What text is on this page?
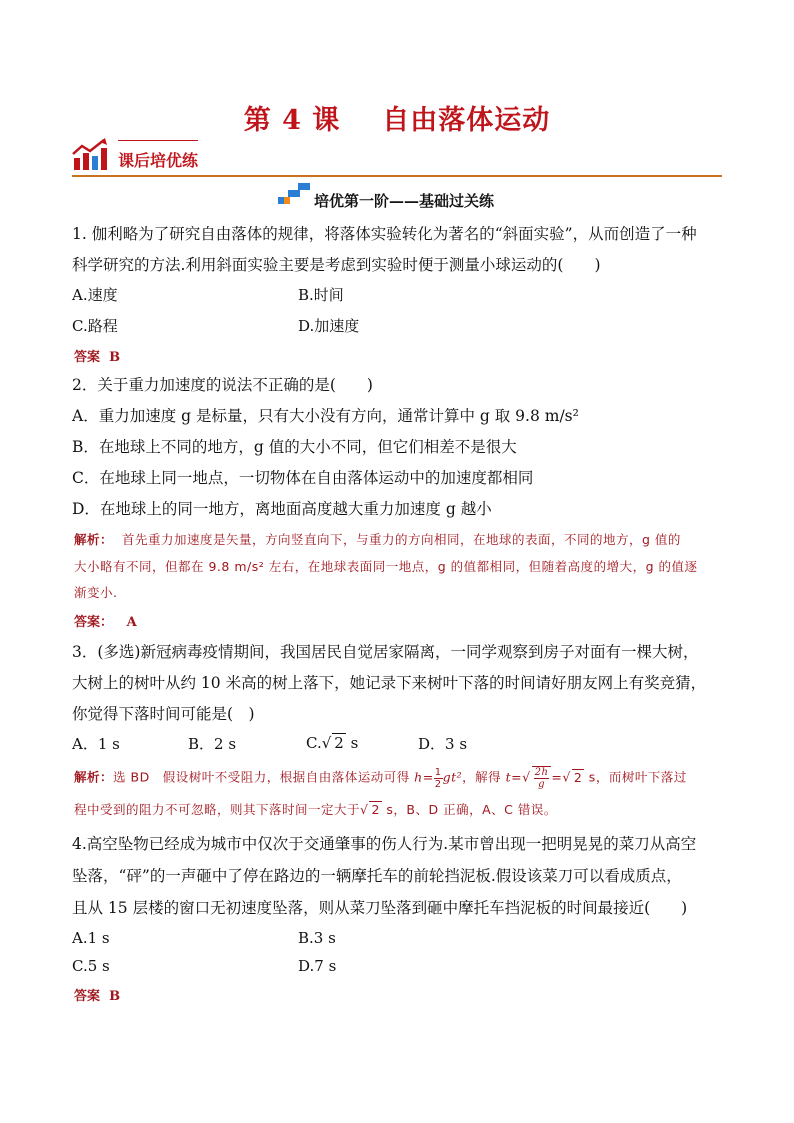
第 4 课 自由落体运动
课后培优练
培优第一阶——基础过关练
1. 伽利略为了研究自由落体的规律，将落体实验转化为著名的“斜面实验”，从而创造了一种
科学研究的方法.利用斜面实验主要是考虑到实验时便于测量小球运动的(　　)
A.速度	B.时间
C.路程	D.加速度
答案 B
2．关于重力加速度的说法不正确的是(　　)
A．重力加速度 g 是标量，只有大小没有方向，通常计算中 g 取 9.8 m/s²
B．在地球上不同的地方，g 值的大小不同，但它们相差不是很大
C．在地球上同一地点，一切物体在自由落体运动中的加速度都相同
D．在地球上的同一地方，离地面高度越大重力加速度 g 越小
解析： 首先重力加速度是矢量，方向竖直向下，与重力的方向相同，在地球的表面，不同的地方，g 值的
大小略有不同，但都在 9.8 m/s² 左右，在地球表面同一地点，g 的值都相同，但随着高度的增大，g 的值逐
渐变小.
答案： A
3．(多选)新冠病毒疫情期间，我国居民自觉居家隔离，一同学观察到房子对面有一棵大树，
大树上的树叶从约 10 米高的树上落下，她记录下来树叶下落的时间请好朋友网上有奖竞猜，
你觉得下落时间可能是(　)
A．1 s	B．2 s	C.√ 2 s	D．3 s
解析：选 BD　假设树叶不受阻力，根据自由落体运动可得 $h= \frac{1}{2} gt^2$，解得 $t=√ \frac{2h}{g}$ =√ 2 s，而树叶下落过
程中受到的阻力不可忽略，则其下落时间一定大于√ 2 s，B、D 正确，A、C 错误。
4.高空坠物已经成为城市中仅次于交通肇事的伤人行为.某市曾出现一把明晃晃的菜刀从高空
坠落，“砰”的一声砸中了停在路边的一辆摩托车的前轮挡泥板.假设该菜刀可以看成质点，
且从 15 层楼的窗口无初速度坠落，则从菜刀坠落到砸中摩托车挡泥板的时间最接近(　　)
A.1 s	B.3 s
C.5 s	D.7 s
答案 B
